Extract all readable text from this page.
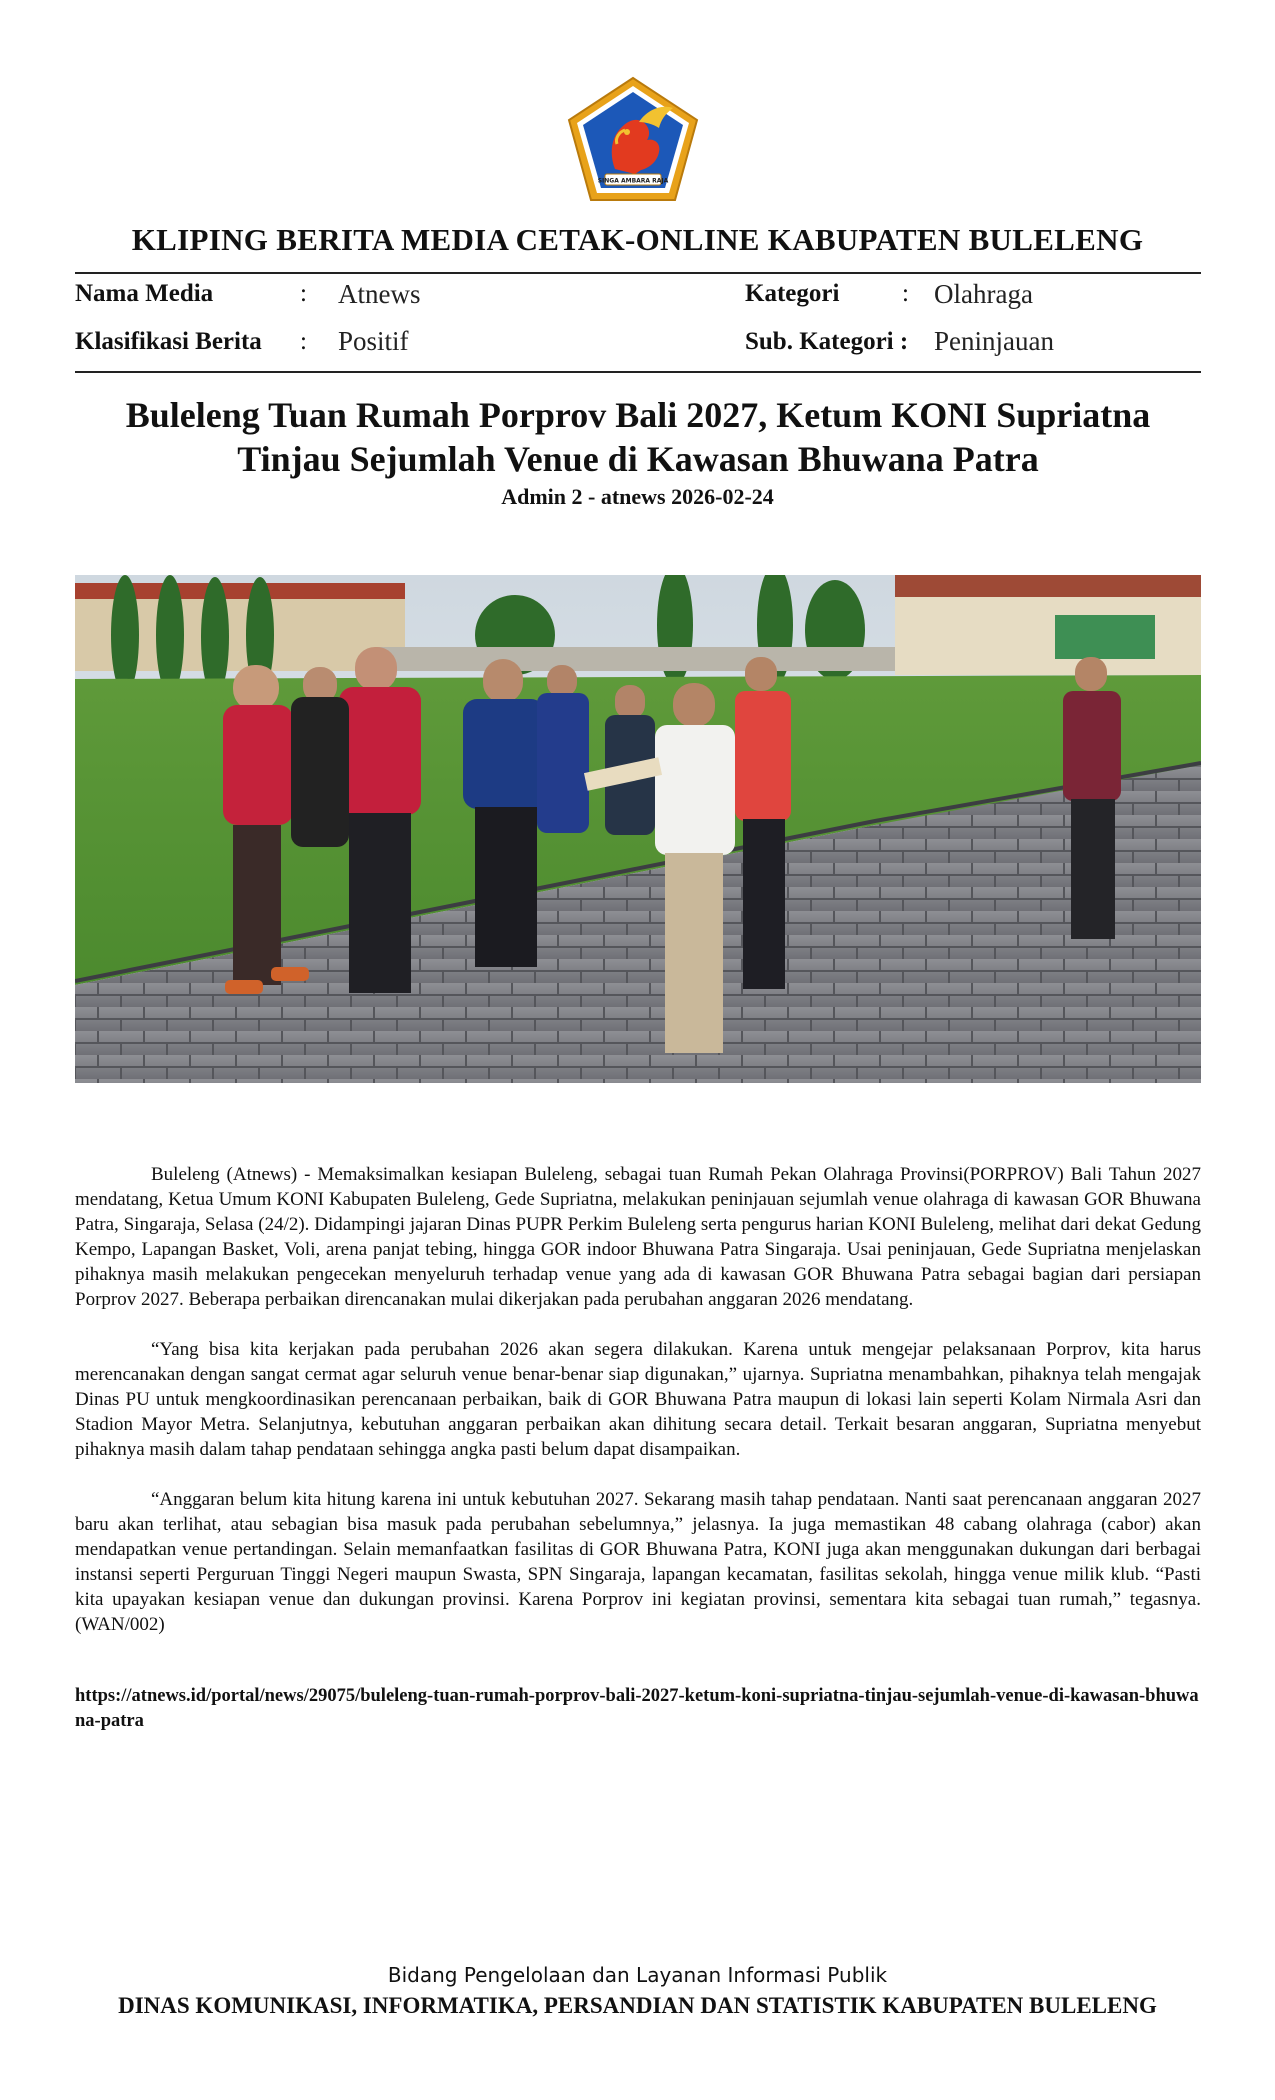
SINGA AMBARA RAJA
KLIPING BERITA MEDIA CETAK-ONLINE KABUPATEN BULELENG
Nama Media	: Atnews	Kategori	: Olahraga
Klasifikasi Berita : Positif	Sub. Kategori : Peninjauan
Buleleng Tuan Rumah Porprov Bali 2027, Ketum KONI Supriatna Tinjau Sejumlah Venue di Kawasan Bhuwana Patra
Admin 2 - atnews 2026-02-24

Buleleng (Atnews) - Memaksimalkan kesiapan Buleleng, sebagai tuan Rumah Pekan Olahraga Provinsi(PORPROV) Bali Tahun 2027 mendatang, Ketua Umum KONI Kabupaten Buleleng, Gede Supriatna, melakukan peninjauan sejumlah venue olahraga di kawasan GOR Bhuwana Patra, Singaraja, Selasa (24/2). Didampingi jajaran Dinas PUPR Perkim Buleleng serta pengurus harian KONI Buleleng, melihat dari dekat Gedung Kempo, Lapangan Basket, Voli, arena panjat tebing, hingga GOR indoor Bhuwana Patra Singaraja. Usai peninjauan, Gede Supriatna menjelaskan pihaknya masih melakukan pengecekan menyeluruh terhadap venue yang ada di kawasan GOR Bhuwana Patra sebagai bagian dari persiapan Porprov 2027. Beberapa perbaikan direncanakan mulai dikerjakan pada perubahan anggaran 2026 mendatang.

“Yang bisa kita kerjakan pada perubahan 2026 akan segera dilakukan. Karena untuk mengejar pelaksanaan Porprov, kita harus merencanakan dengan sangat cermat agar seluruh venue benar-benar siap digunakan,” ujarnya. Supriatna menambahkan, pihaknya telah mengajak Dinas PU untuk mengkoordinasikan perencanaan perbaikan, baik di GOR Bhuwana Patra maupun di lokasi lain seperti Kolam Nirmala Asri dan Stadion Mayor Metra. Selanjutnya, kebutuhan anggaran perbaikan akan dihitung secara detail. Terkait besaran anggaran, Supriatna menyebut pihaknya masih dalam tahap pendataan sehingga angka pasti belum dapat disampaikan.

“Anggaran belum kita hitung karena ini untuk kebutuhan 2027. Sekarang masih tahap pendataan. Nanti saat perencanaan anggaran 2027 baru akan terlihat, atau sebagian bisa masuk pada perubahan sebelumnya,” jelasnya. Ia juga memastikan 48 cabang olahraga (cabor) akan mendapatkan venue pertandingan. Selain memanfaatkan fasilitas di GOR Bhuwana Patra, KONI juga akan menggunakan dukungan dari berbagai instansi seperti Perguruan Tinggi Negeri maupun Swasta, SPN Singaraja, lapangan kecamatan, fasilitas sekolah, hingga venue milik klub. “Pasti kita upayakan kesiapan venue dan dukungan provinsi. Karena Porprov ini kegiatan provinsi, sementara kita sebagai tuan rumah,” tegasnya. (WAN/002)

https://atnews.id/portal/news/29075/buleleng-tuan-rumah-porprov-bali-2027-ketum-koni-supriatna-tinjau-sejumlah-venue-di-kawasan-bhuwana-patra
Bidang Pengelolaan dan Layanan Informasi Publik
DINAS KOMUNIKASI, INFORMATIKA, PERSANDIAN DAN STATISTIK KABUPATEN BULELENG
